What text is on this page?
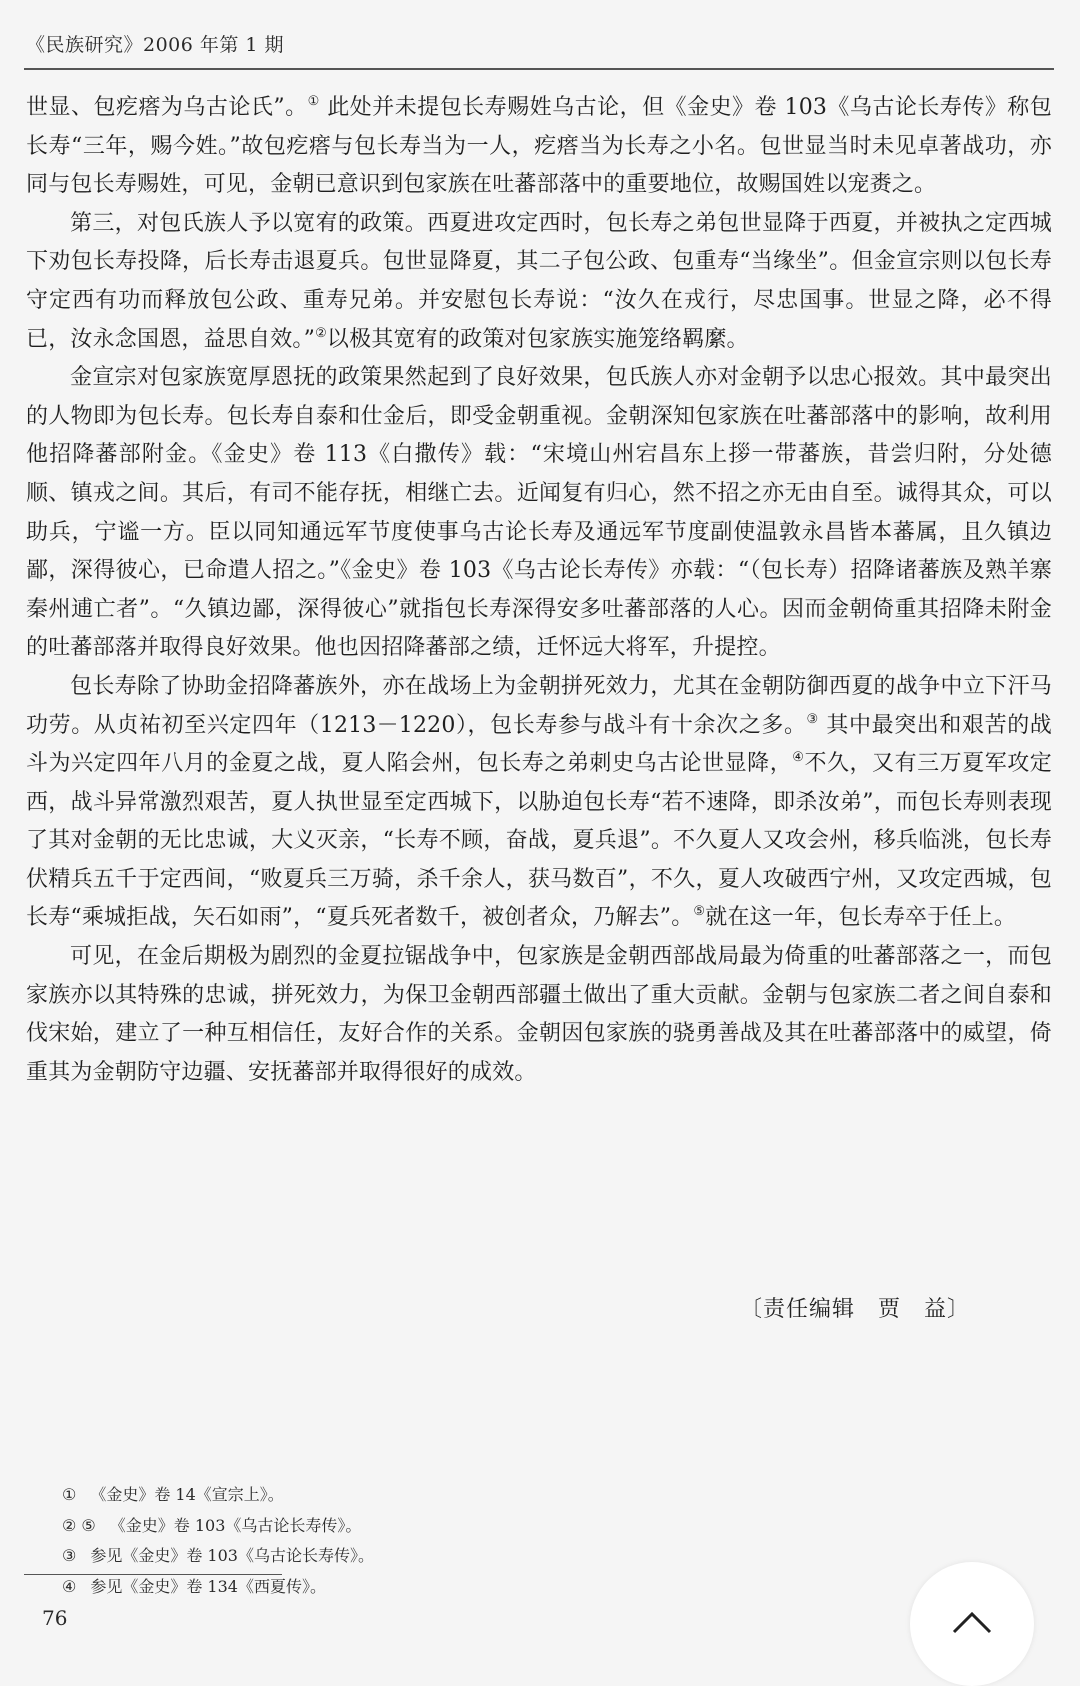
《民族研究》2006 年第 1 期

世显、包疙瘩为乌古论氏”。① 此处并未提包长寿赐姓乌古论，但《金史》卷 103《乌古论长寿传》称包长寿“三年，赐今姓。”故包疙瘩与包长寿当为一人，疙瘩当为长寿之小名。包世显当时未见卓著战功，亦同与包长寿赐姓，可见，金朝已意识到包家族在吐蕃部落中的重要地位，故赐国姓以宠赉之。

第三，对包氏族人予以宽宥的政策。西夏进攻定西时，包长寿之弟包世显降于西夏，并被执之定西城下劝包长寿投降，后长寿击退夏兵。包世显降夏，其二子包公政、包重寿“当缘坐”。但金宣宗则以包长寿守定西有功而释放包公政、重寿兄弟。并安慰包长寿说：“汝久在戎行，尽忠国事。世显之降，必不得已，汝永念国恩，益思自效。”②以极其宽宥的政策对包家族实施笼络羁縻。

金宣宗对包家族宽厚恩抚的政策果然起到了良好效果，包氏族人亦对金朝予以忠心报效。其中最突出的人物即为包长寿。包长寿自泰和仕金后，即受金朝重视。金朝深知包家族在吐蕃部落中的影响，故利用他招降蕃部附金。《金史》卷 113《白撒传》载：“宋境山州宕昌东上拶一带蕃族，昔尝归附，分处德顺、镇戎之间。其后，有司不能存抚，相继亡去。近闻复有归心，然不招之亦无由自至。诚得其众，可以助兵，宁谧一方。臣以同知通远军节度使事乌古论长寿及通远军节度副使温敦永昌皆本蕃属，且久镇边鄙，深得彼心，已命遣人招之。”《金史》卷 103《乌古论长寿传》亦载：“（包长寿）招降诸蕃族及熟羊寨秦州逋亡者”。“久镇边鄙，深得彼心”就指包长寿深得安多吐蕃部落的人心。因而金朝倚重其招降未附金的吐蕃部落并取得良好效果。他也因招降蕃部之绩，迁怀远大将军，升提控。

包长寿除了协助金招降蕃族外，亦在战场上为金朝拼死效力，尤其在金朝防御西夏的战争中立下汗马功劳。从贞祐初至兴定四年（1213－1220），包长寿参与战斗有十余次之多。③ 其中最突出和艰苦的战斗为兴定四年八月的金夏之战，夏人陷会州，包长寿之弟刺史乌古论世显降，④不久，又有三万夏军攻定西，战斗异常激烈艰苦，夏人执世显至定西城下，以胁迫包长寿“若不速降，即杀汝弟”，而包长寿则表现了其对金朝的无比忠诚，大义灭亲，“长寿不顾，奋战，夏兵退”。不久夏人又攻会州，移兵临洮，包长寿伏精兵五千于定西间，“败夏兵三万骑，杀千余人，获马数百”，不久，夏人攻破西宁州，又攻定西城，包长寿“乘城拒战，矢石如雨”，“夏兵死者数千，被创者众，乃解去”。⑤就在这一年，包长寿卒于任上。

可见，在金后期极为剧烈的金夏拉锯战争中，包家族是金朝西部战局最为倚重的吐蕃部落之一，而包家族亦以其特殊的忠诚，拼死效力，为保卫金朝西部疆土做出了重大贡献。金朝与包家族二者之间自泰和伐宋始，建立了一种互相信任，友好合作的关系。金朝因包家族的骁勇善战及其在吐蕃部落中的威望，倚重其为金朝防守边疆、安抚蕃部并取得很好的成效。

〔责任编辑　贾　益〕
① 《金史》卷 14《宣宗上》。
② ⑤ 《金史》卷 103《乌古论长寿传》。
③ 参见《金史》卷 103《乌古论长寿传》。
④ 参见《金史》卷 134《西夏传》。
76
